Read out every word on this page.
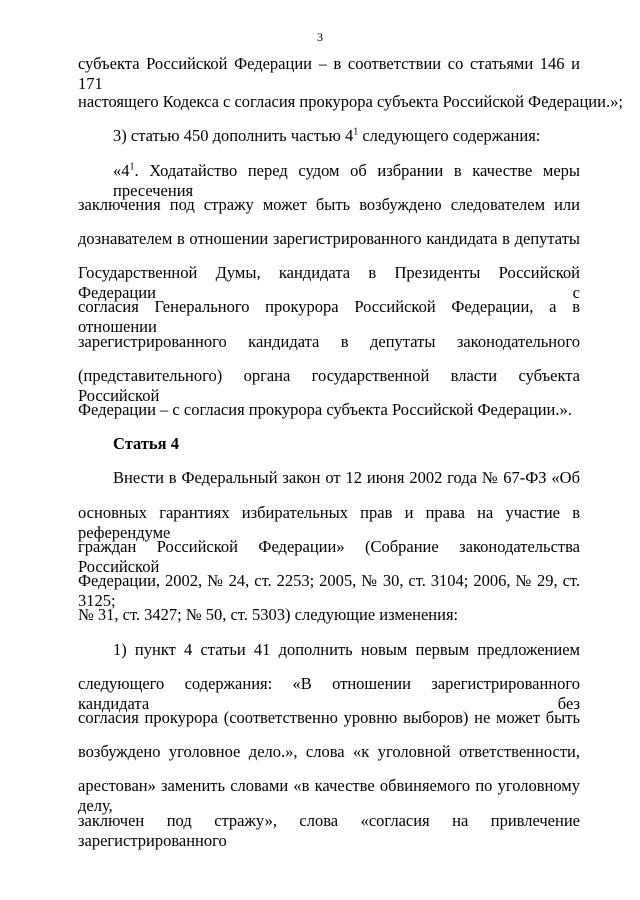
3
субъекта Российской Федерации – в соответствии со статьями 146 и 171
настоящего Кодекса с согласия прокурора субъекта Российской Федерации.»;
3) статью 450 дополнить частью $4^1$ следующего содержания:
«$4^1$. Ходатайство перед судом об избрании в качестве меры пресечения
заключения под стражу может быть возбуждено следователем или
дознавателем в отношении зарегистрированного кандидата в депутаты
Государственной Думы, кандидата в Президенты Российской Федерации с
согласия Генерального прокурора Российской Федерации, а в отношении
зарегистрированного кандидата в депутаты законодательного
(представительного) органа государственной власти субъекта Российской
Федерации – с согласия прокурора субъекта Российской Федерации.».
Статья 4
Внести в Федеральный закон от 12 июня 2002 года № 67-ФЗ «Об
основных гарантиях избирательных прав и права на участие в референдуме
граждан Российской Федерации» (Собрание законодательства Российской
Федерации, 2002, № 24, ст. 2253; 2005, № 30, ст. 3104; 2006, № 29, ст. 3125;
№ 31, ст. 3427; № 50, ст. 5303) следующие изменения:
1) пункт 4 статьи 41 дополнить новым первым предложением
следующего содержания: «В отношении зарегистрированного кандидата без
согласия прокурора (соответственно уровню выборов) не может быть
возбуждено уголовное дело.», слова «к уголовной ответственности,
арестован» заменить словами «в качестве обвиняемого по уголовному делу,
заключен под стражу», слова «согласия на привлечение зарегистрированного
